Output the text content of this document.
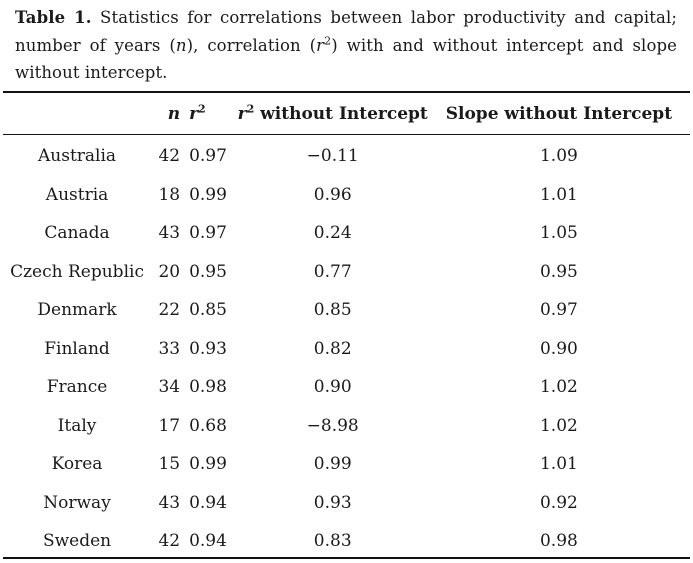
Table 1. Statistics for correlations between labor productivity and capital; number of years (n), correlation $(r^2)$ with and without intercept and slope without intercept.

	n	$r^2$	$r^2$ without Intercept	Slope without Intercept
Australia	42	0.97	−0.11	1.09
Austria	18	0.99	0.96	1.01
Canada	43	0.97	0.24	1.05
Czech Republic	20	0.95	0.77	0.95
Denmark	22	0.85	0.85	0.97
Finland	33	0.93	0.82	0.90
France	34	0.98	0.90	1.02
Italy	17	0.68	−8.98	1.02
Korea	15	0.99	0.99	1.01
Norway	43	0.94	0.93	0.92
Sweden	42	0.94	0.83	0.98
